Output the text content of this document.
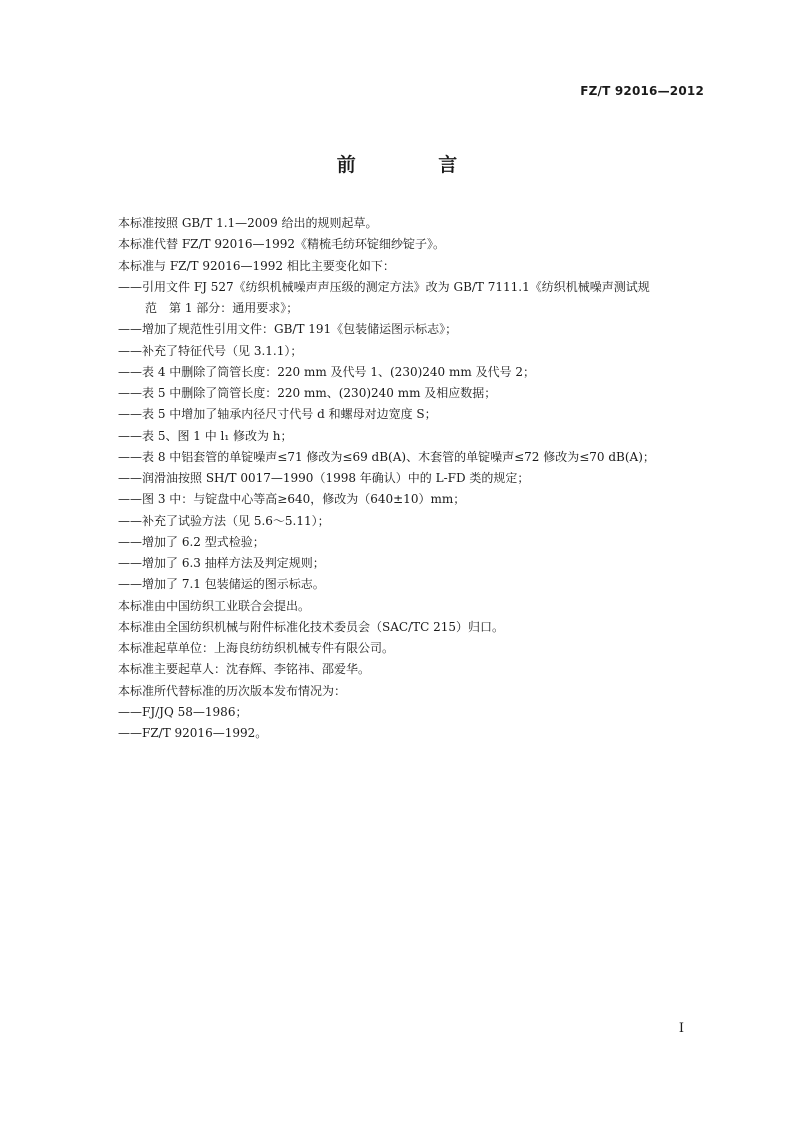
FZ/T 92016—2012
前 言
本标准按照 GB/T 1.1—2009 给出的规则起草。
本标准代替 FZ/T 92016—1992《精梳毛纺环锭细纱锭子》。
本标准与 FZ/T 92016—1992 相比主要变化如下：
——引用文件 FJ 527《纺织机械噪声声压级的测定方法》改为 GB/T 7111.1《纺织机械噪声测试规
范　第 1 部分：通用要求》；
——增加了规范性引用文件：GB/T 191《包装储运图示标志》；
——补充了特征代号（见 3.1.1）；
——表 4 中删除了筒管长度：220 mm 及代号 1、(230)240 mm 及代号 2；
——表 5 中删除了筒管长度：220 mm、(230)240 mm 及相应数据；
——表 5 中增加了轴承内径尺寸代号 d 和螺母对边宽度 S；
——表 5、图 1 中 l₁ 修改为 h；
——表 8 中铝套管的单锭噪声≤71 修改为≤69 dB(A)、木套管的单锭噪声≤72 修改为≤70 dB(A)；
——润滑油按照 SH/T 0017—1990（1998 年确认）中的 L-FD 类的规定；
——图 3 中：与锭盘中心等高≥640，修改为（640±10）mm；
——补充了试验方法（见 5.6～5.11）；
——增加了 6.2 型式检验；
——增加了 6.3 抽样方法及判定规则；
——增加了 7.1 包装储运的图示标志。
本标准由中国纺织工业联合会提出。
本标准由全国纺织机械与附件标准化技术委员会（SAC/TC 215）归口。
本标准起草单位：上海良纺纺织机械专件有限公司。
本标准主要起草人：沈春辉、李铭祎、邵爱华。
本标准所代替标准的历次版本发布情况为：
——FJ/JQ 58—1986；
——FZ/T 92016—1992。
I
